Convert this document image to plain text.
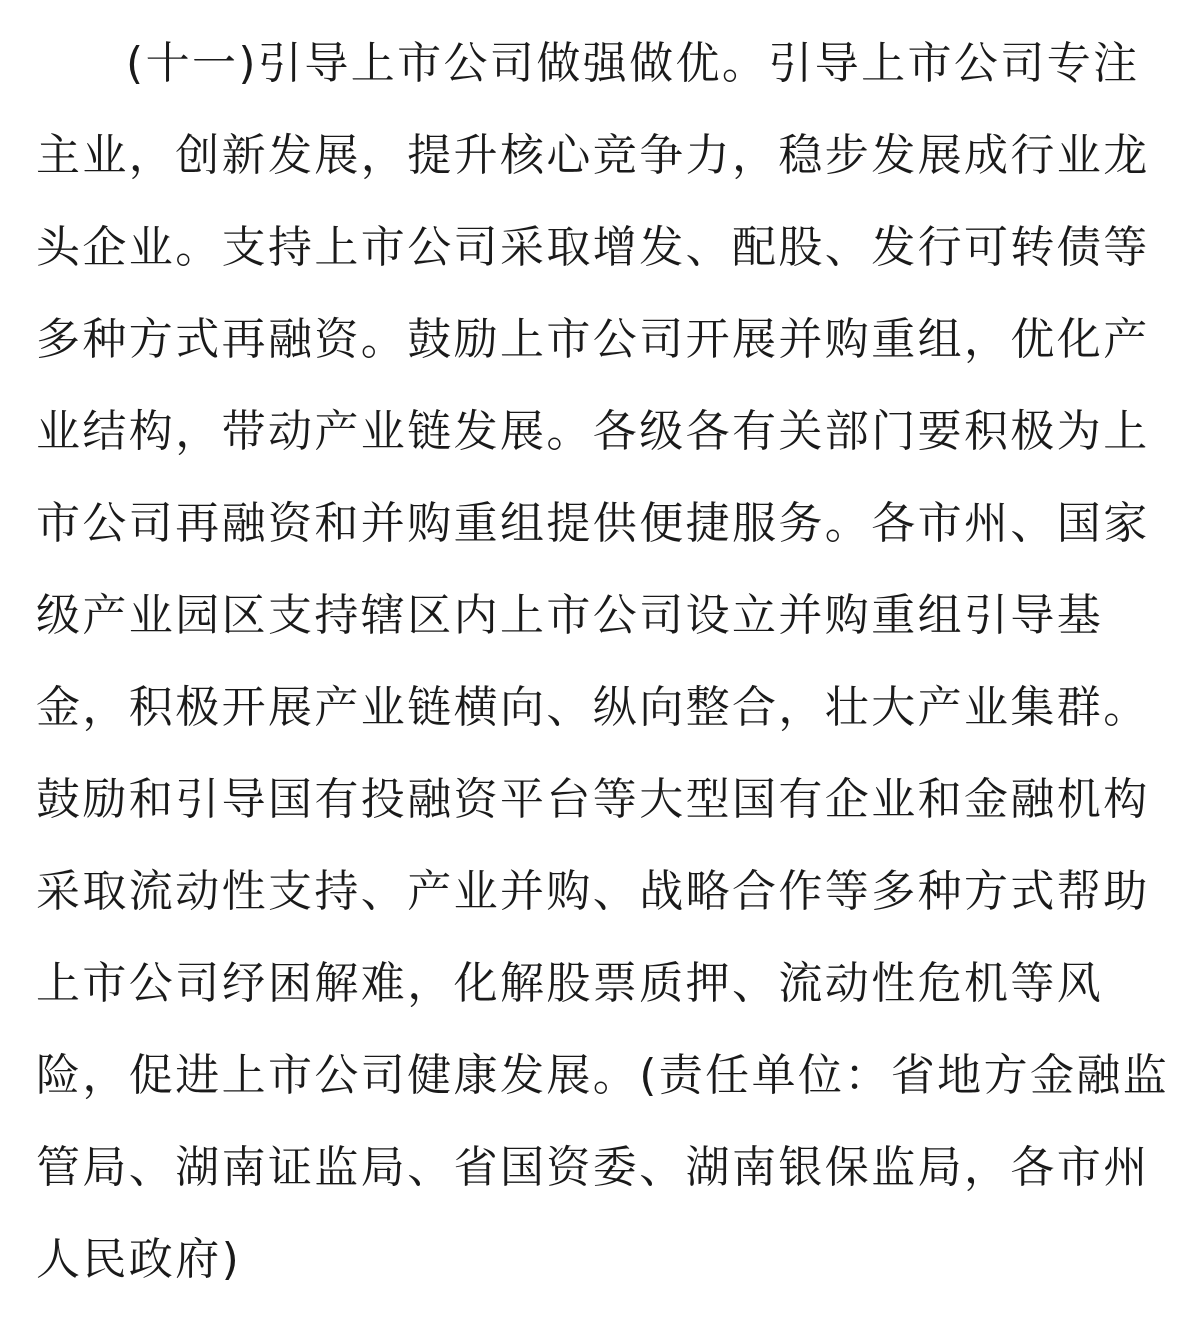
(十一)引导上市公司做强做优。引导上市公司专注
主业，创新发展，提升核心竞争力，稳步发展成行业龙
头企业。支持上市公司采取增发、配股、发行可转债等
多种方式再融资。鼓励上市公司开展并购重组，优化产
业结构，带动产业链发展。各级各有关部门要积极为上
市公司再融资和并购重组提供便捷服务。各市州、国家
级产业园区支持辖区内上市公司设立并购重组引导基
金，积极开展产业链横向、纵向整合，壮大产业集群。
鼓励和引导国有投融资平台等大型国有企业和金融机构
采取流动性支持、产业并购、战略合作等多种方式帮助
上市公司纾困解难，化解股票质押、流动性危机等风
险，促进上市公司健康发展。(责任单位：省地方金融监
管局、湖南证监局、省国资委、湖南银保监局，各市州
人民政府)
